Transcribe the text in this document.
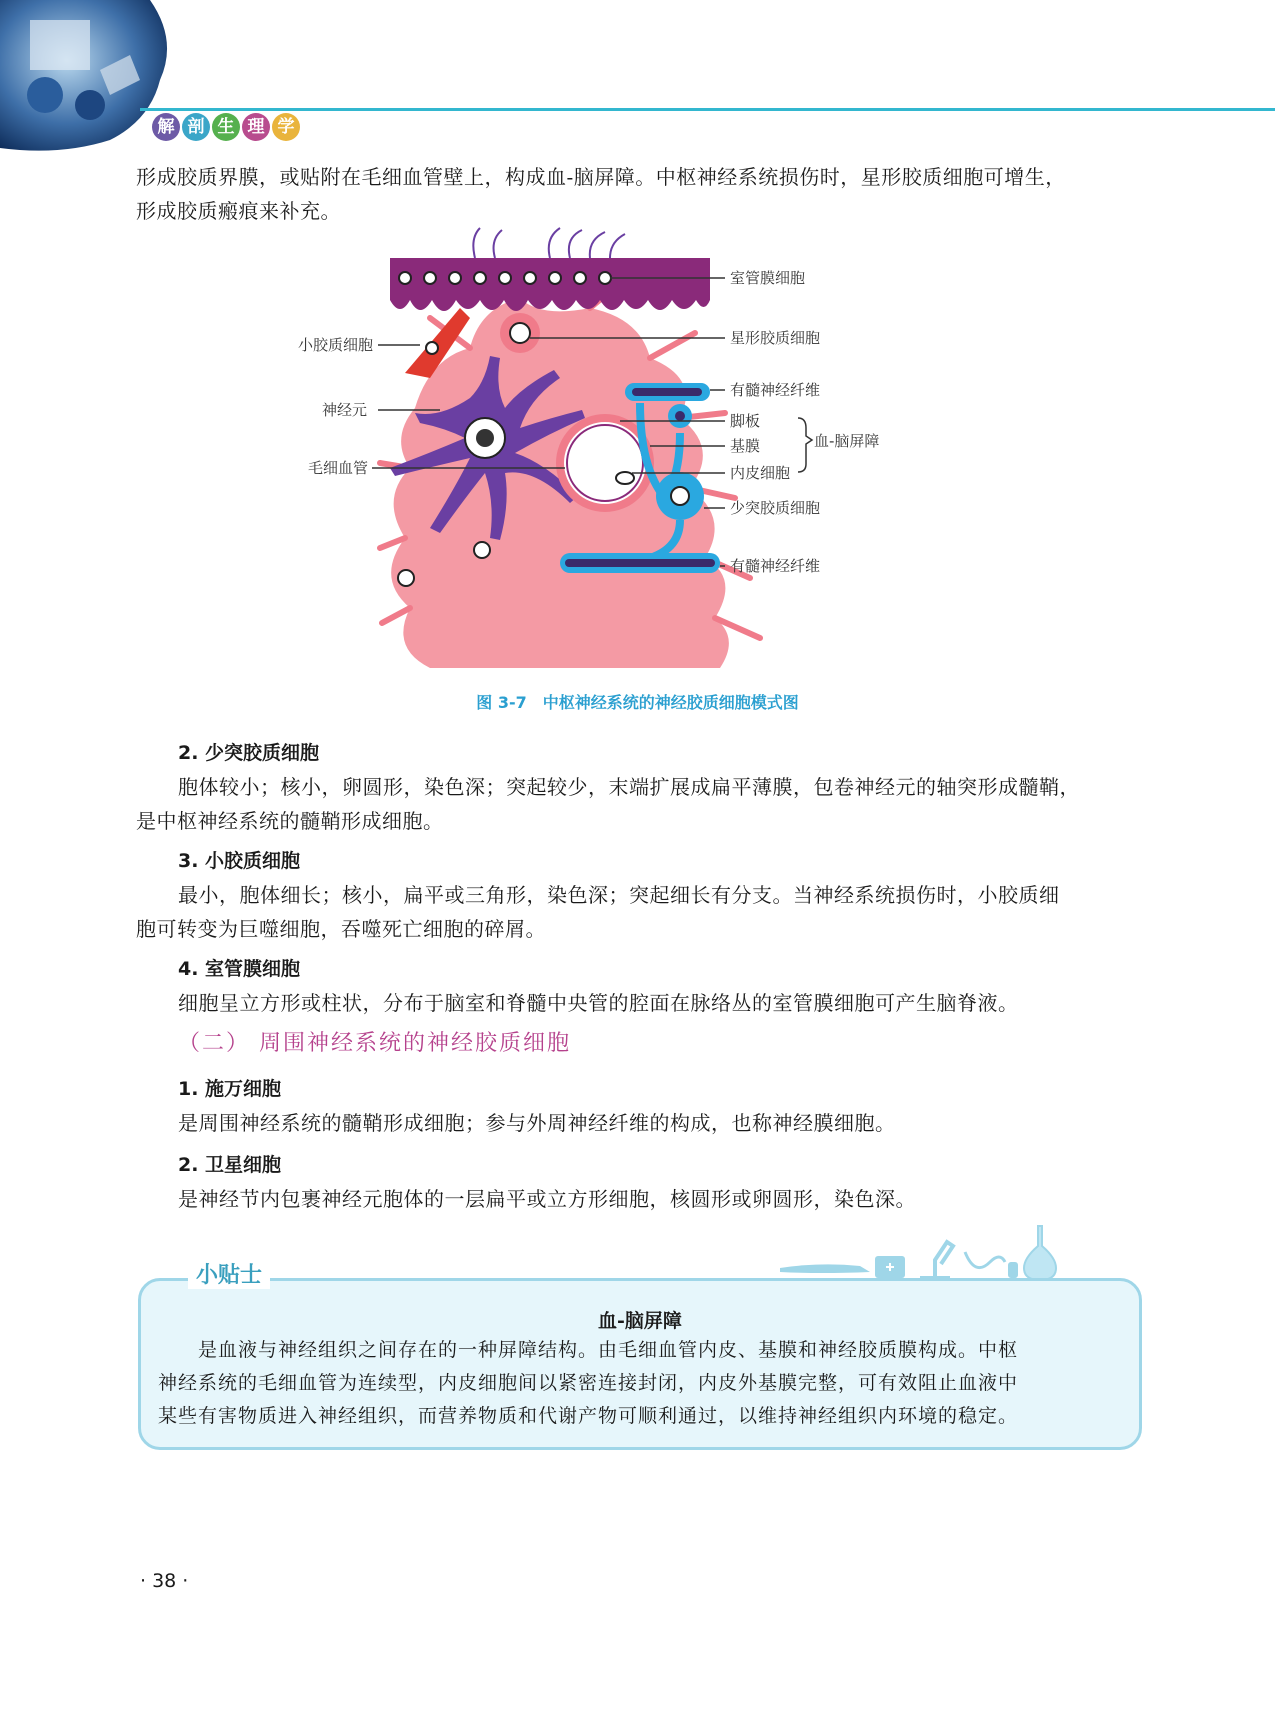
解 剖 生 理 学
形成胶质界膜，或贴附在毛细血管壁上，构成血-脑屏障。中枢神经系统损伤时，星形胶质细胞可增生，
形成胶质瘢痕来补充。
室管膜细胞
星形胶质细胞
有髓神经纤维
脚板
基膜
内皮细胞
血-脑屏障
少突胶质细胞
有髓神经纤维
小胶质细胞
神经元
毛细血管
图 3-7　中枢神经系统的神经胶质细胞模式图
2. 少突胶质细胞
胞体较小；核小，卵圆形，染色深；突起较少，末端扩展成扁平薄膜，包卷神经元的轴突形成髓鞘，
是中枢神经系统的髓鞘形成细胞。
3. 小胶质细胞
最小，胞体细长；核小，扁平或三角形，染色深；突起细长有分支。当神经系统损伤时，小胶质细
胞可转变为巨噬细胞，吞噬死亡细胞的碎屑。
4. 室管膜细胞
细胞呈立方形或柱状，分布于脑室和脊髓中央管的腔面在脉络丛的室管膜细胞可产生脑脊液。
（二） 周围神经系统的神经胶质细胞
1. 施万细胞
是周围神经系统的髓鞘形成细胞；参与外周神经纤维的构成，也称神经膜细胞。
2. 卫星细胞
是神经节内包裹神经元胞体的一层扁平或立方形细胞，核圆形或卵圆形，染色深。
小贴士
血-脑屏障
　　是血液与神经组织之间存在的一种屏障结构。由毛细血管内皮、基膜和神经胶质膜构成。中枢
神经系统的毛细血管为连续型，内皮细胞间以紧密连接封闭，内皮外基膜完整，可有效阻止血液中
某些有害物质进入神经组织，而营养物质和代谢产物可顺利通过，以维持神经组织内环境的稳定。
· 38 ·
